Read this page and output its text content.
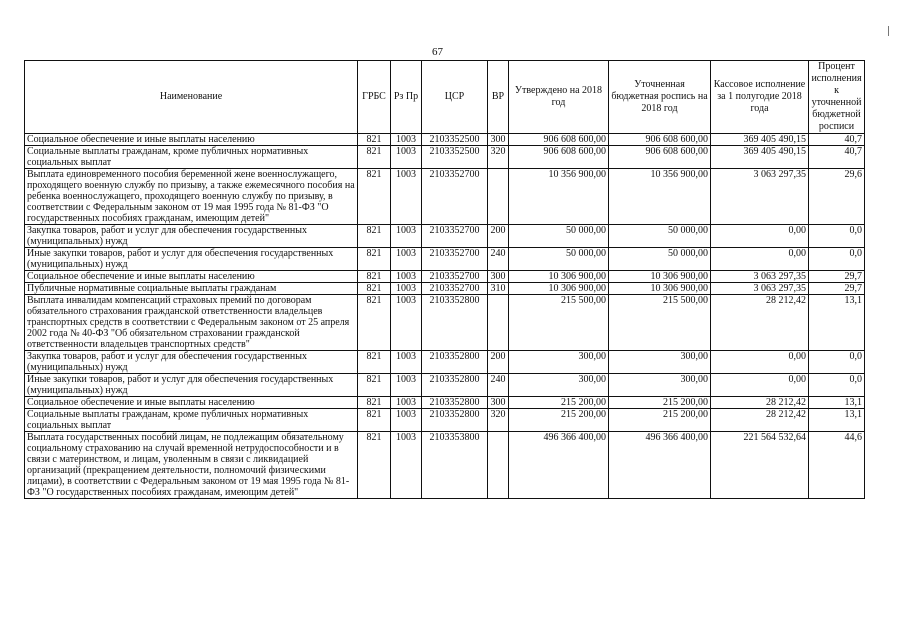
67
Наименование	ГРБС	Рз Пр	ЦСР	ВР	Утверждено на 2018 год	Уточненная бюджетная роспись на 2018 год	Кассовое исполнение за 1 полугодие 2018 года	Процент исполнения к уточненной бюджетной росписи
Социальное обеспечение и иные выплаты населению	821	1003	2103352500	300	906 608 600,00	906 608 600,00	369 405 490,15	40,7
Социальные выплаты гражданам, кроме публичных нормативных социальных выплат	821	1003	2103352500	320	906 608 600,00	906 608 600,00	369 405 490,15	40,7
Выплата единовременного пособия беременной жене военнослужащего, проходящего военную службу по призыву, а также ежемесячного пособия на ребенка военнослужащего, проходящего военную службу по призыву, в соответствии с Федеральным законом от 19 мая 1995 года № 81-ФЗ "О государственных пособиях гражданам, имеющим детей"	821	1003	2103352700		10 356 900,00	10 356 900,00	3 063 297,35	29,6
Закупка товаров, работ и услуг для обеспечения государственных (муниципальных) нужд	821	1003	2103352700	200	50 000,00	50 000,00	0,00	0,0
Иные закупки товаров, работ и услуг для обеспечения государственных (муниципальных) нужд	821	1003	2103352700	240	50 000,00	50 000,00	0,00	0,0
Социальное обеспечение и иные выплаты населению	821	1003	2103352700	300	10 306 900,00	10 306 900,00	3 063 297,35	29,7
Публичные нормативные социальные выплаты гражданам	821	1003	2103352700	310	10 306 900,00	10 306 900,00	3 063 297,35	29,7
Выплата инвалидам компенсаций страховых премий по договорам обязательного страхования гражданской ответственности владельцев транспортных средств в соответствии с Федеральным законом от 25 апреля 2002 года № 40-ФЗ "Об обязательном страховании гражданской ответственности владельцев транспортных средств"	821	1003	2103352800		215 500,00	215 500,00	28 212,42	13,1
Закупка товаров, работ и услуг для обеспечения государственных (муниципальных) нужд	821	1003	2103352800	200	300,00	300,00	0,00	0,0
Иные закупки товаров, работ и услуг для обеспечения государственных (муниципальных) нужд	821	1003	2103352800	240	300,00	300,00	0,00	0,0
Социальное обеспечение и иные выплаты населению	821	1003	2103352800	300	215 200,00	215 200,00	28 212,42	13,1
Социальные выплаты гражданам, кроме публичных нормативных социальных выплат	821	1003	2103352800	320	215 200,00	215 200,00	28 212,42	13,1
Выплата государственных пособий лицам, не подлежащим обязательному социальному страхованию на случай временной нетрудоспособности и в связи с материнством, и лицам, уволенным в связи с ликвидацией организаций (прекращением деятельности, полномочий физическими лицами), в соответствии с Федеральным законом от 19 мая 1995 года № 81-ФЗ "О государственных пособиях гражданам, имеющим детей"	821	1003	2103353800		496 366 400,00	496 366 400,00	221 564 532,64	44,6
